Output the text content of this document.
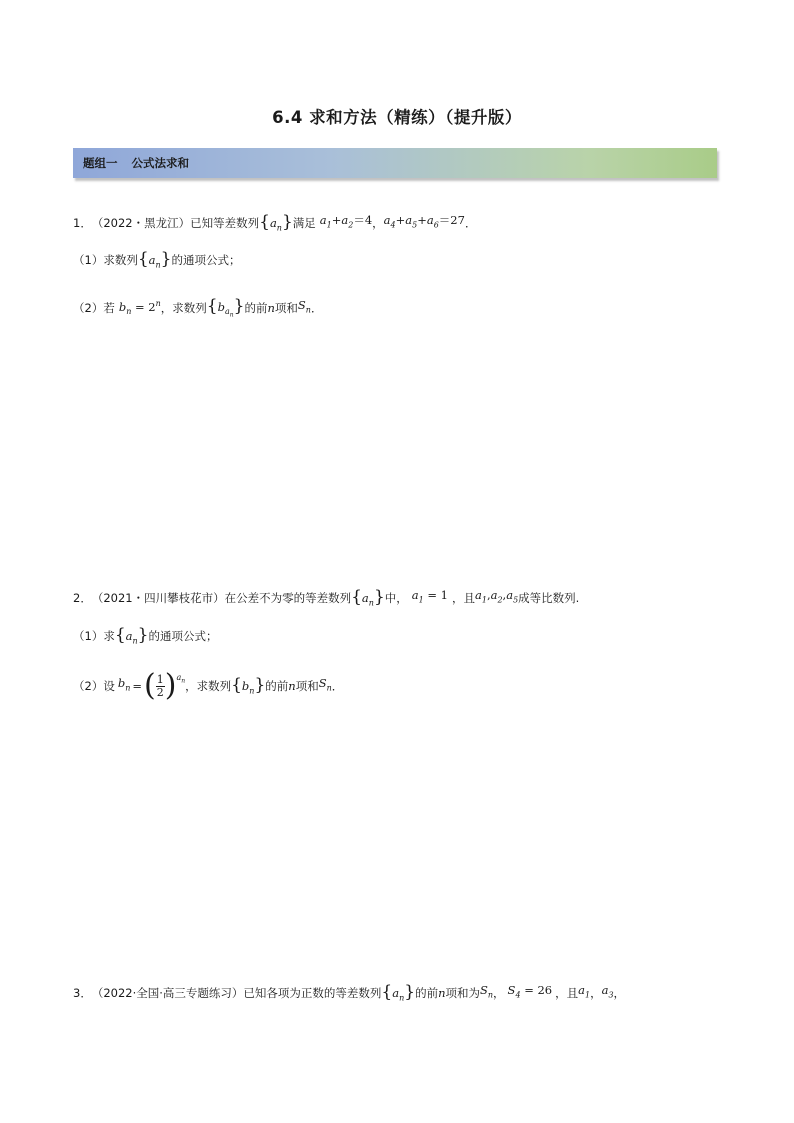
6.4 求和方法（精练）（提升版）
题组一 公式法求和
1． （2022・黑龙江） 已知等差数列 $\{a_n\}$ 满足 $a_1+a_2=4$ ， $a_4+a_5+a_6=27$ ．
（1） 求数列 $\{a_n\}$ 的通项公式；
（2） 若 $b_n = 2^n$ ，求数列 $\{b_{a_n}\}$ 的前 n 项和 $S_n$ ．
2． （2021・四川攀枝花市） 在公差不为零的等差数列 $\{a_n\}$ 中， $a_1 = 1$ ，且 $a_1,a_2,a_5$ 成等比数列.
（1） 求 $\{a_n\}$ 的通项公式；
（2） 设 $b_n$ = ( $\frac{1}{2}$ ) $a_n$ ，求数列 $\{b_n\}$ 的前 n 项和 $S_n$ ．
3． （2022·全国·高三专题练习） 已知各项为正数的等差数列 $\{a_n\}$ 的前 n 项和为 $S_n$ ， $S_4 = 26$ ，且 $a_1$ ， $a_3$ ，
